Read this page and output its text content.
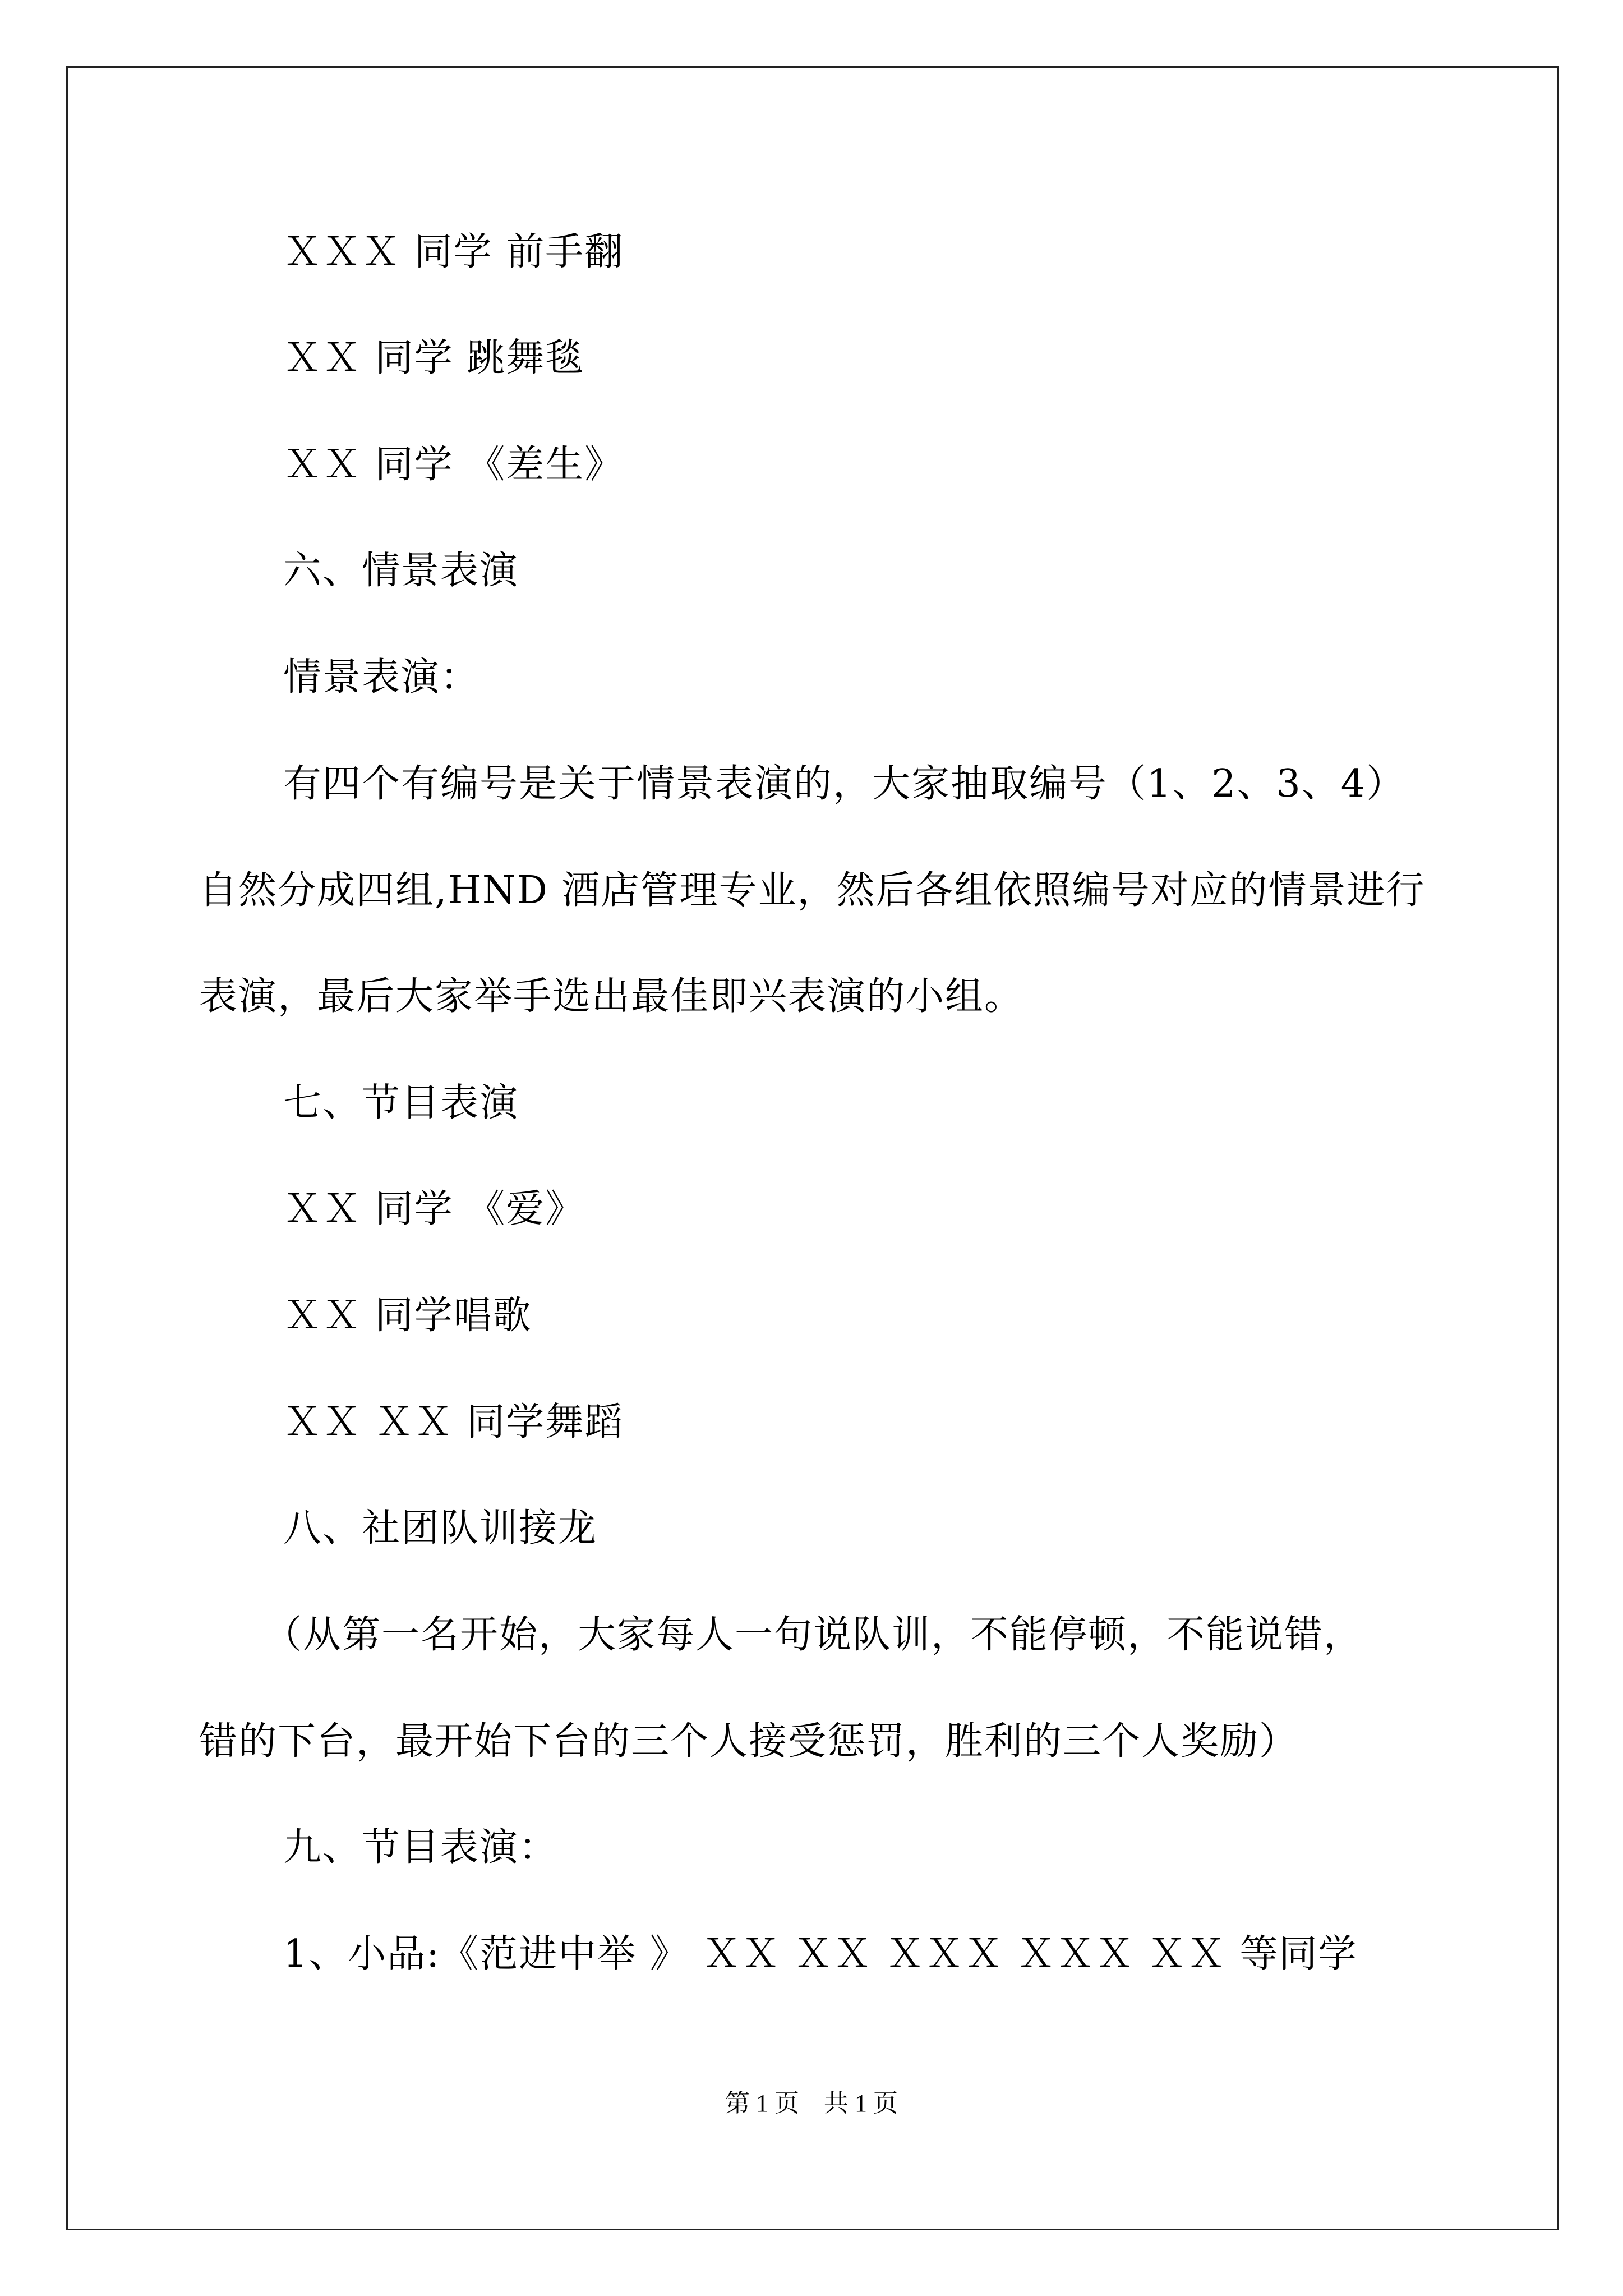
ＸＸＸ 同学 前手翻
ＸＸ 同学 跳舞毯
ＸＸ 同学 《差生》
六、情景表演
情景表演：
有四个有编号是关于情景表演的，大家抽取编号（1、2、3、4）
自然分成四组,HND 酒店管理专业，然后各组依照编号对应的情景进行
表演，最后大家举手选出最佳即兴表演的小组。
七、节目表演
ＸＸ 同学 《爱》
ＸＸ 同学唱歌
ＸＸ ＸＸ 同学舞蹈
八、社团队训接龙
（从第一名开始，大家每人一句说队训，不能停顿，不能说错，
错的下台，最开始下台的三个人接受惩罚，胜利的三个人奖励）
九、节目表演：
1、小品:《范进中举 》 ＸＸ ＸＸ ＸＸＸ ＸＸＸ ＸＸ 等同学
第 1 页　共 1 页
